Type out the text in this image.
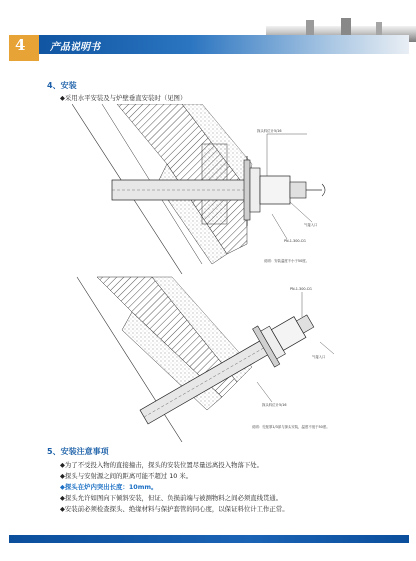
4 产品说明书
4、安装
◆采用水平安装及与炉壁垂直安装时（见图）
探头料位计5/16
气接入口
PN-1.300-CG
说明：安装温度不小于50度。
PN-1.300-CG
气接入口
探头料位计5/16
说明：孔壁厚1/3部与探头安装，温度不低于50度。
5、安装注意事项
◆为了不受投入物的直接撞击，探头的安装位置尽量远离投入物落下处。
◆探头与安射源之间的距离可能不超过 10 米。
◆探头在炉内突出长度：10mm。
◆探头允许如图向下倾斜安装，但证、负损前端与被测物料之间必须直线贯通。
◆安装前必须检查探头、绝缘材料与保护套管的同心度，以保证料位计工作正常。
